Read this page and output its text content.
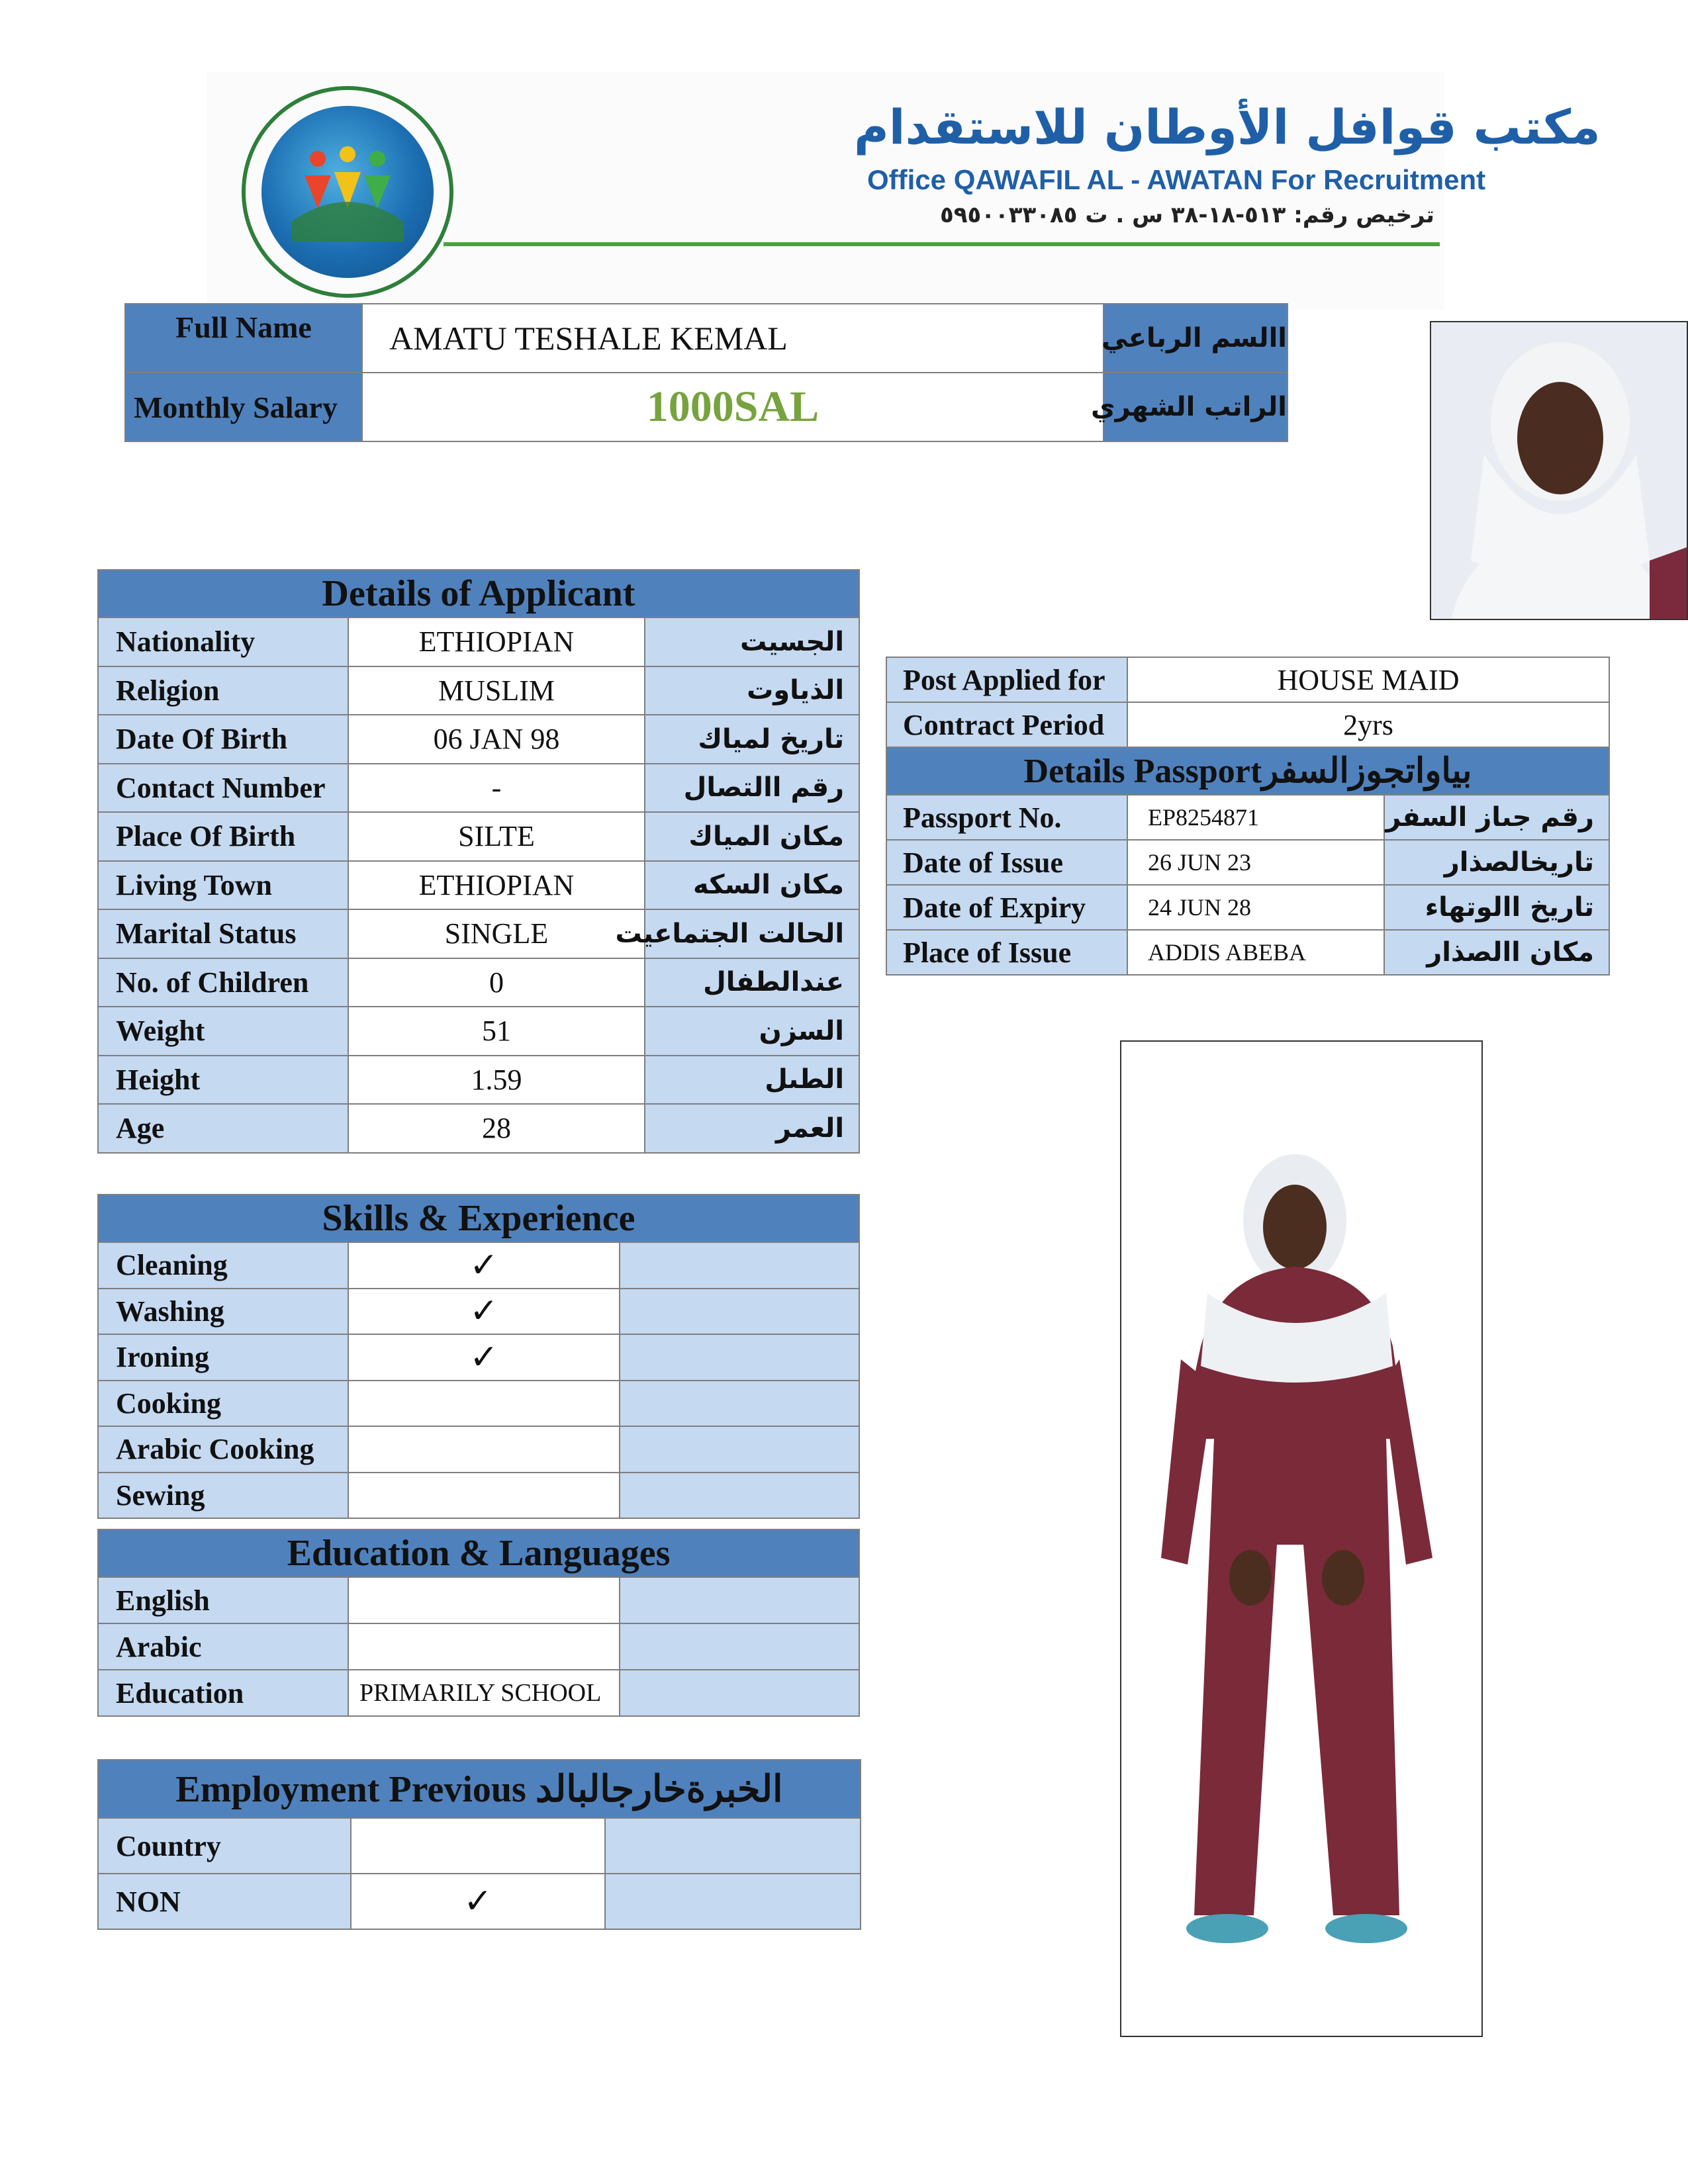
مكتب قوافل الأوطان للاستقدام
Office QAWAFIL AL - AWATAN For Recruitment
ترخيص رقم: ٥١٣-١٨-٣٨ س . ت ٥٩٥٠٠٣٣٠٨٥
Full Name	AMATU TESHALE KEMAL	االسم الرباعي
Monthly Salary	1000SAL	الراتب الشهري
Details of Applicant		
Nationality	ETHIOPIAN	الجسيت
Religion	MUSLIM	الذياوت
Date Of Birth	06 JAN 98	تاريخ لمياك
Contact Number	-	رقم االتصال
Place Of Birth	SILTE	مكان المياك
Living Town	ETHIOPIAN	مكان السكه
Marital Status	SINGLE	الحالت الجتماعيت
No. of Children	0	عندالطفال
Weight	51	السزن
Height	1.59	الطىل
Age	28	العمر
Skills & Experience		
Cleaning	✓	
Washing	✓	
Ironing	✓	
Cooking		
Arabic Cooking		
Sewing		
Education & Languages		
English		
Arabic		
Education	PRIMARILY SCHOOL	
Employment Previous الخبرةخارجالبالد		
Country		
NON	✓	
Post Applied for	HOUSE MAID	
Contract Period	2yrs	
Details Passportبياواتجوزالسفر		
Passport No.	EP8254871	رقم جىاز السفر
Date of Issue	26 JUN 23	تاريخالصذار
Date of Expiry	24 JUN 28	تاريخ االوتهاء
Place of Issue	ADDIS ABEBA	مكان االصذار
